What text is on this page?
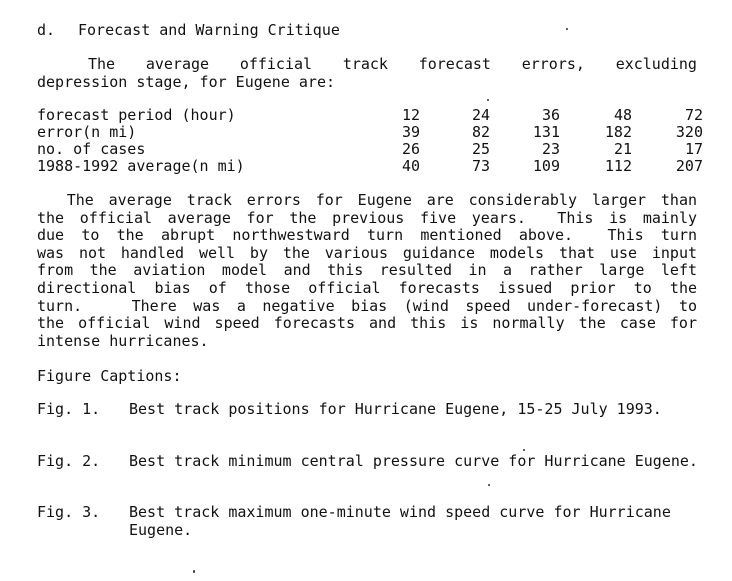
d. Forecast and Warning Critique
The average official track forecast errors, excluding
depression stage, for Eugene are:
forecast period (hour)	12	24	36	48	72
error(n mi)	39	82	131	182	320
no. of cases	26	25	23	21	17
1988-1992 average(n mi)	40	73	109	112	207
The average track errors for Eugene are considerably larger than
the official average for the previous five years.  This is mainly
due to the abrupt northwestward turn mentioned above.  This turn
was not handled well by the various guidance models that use input
from the aviation model and this resulted in a rather large left
directional bias of those official forecasts issued prior to the
turn.   There was a negative bias (wind speed under-forecast) to
the official wind speed forecasts and this is normally the case for
intense hurricanes.
Figure Captions:
Fig. 1. Best track positions for Hurricane Eugene, 15-25 July 1993.
Fig. 2. Best track minimum central pressure curve for Hurricane Eugene.
Fig. 3. Best track maximum one-minute wind speed curve for Hurricane Eugene.
